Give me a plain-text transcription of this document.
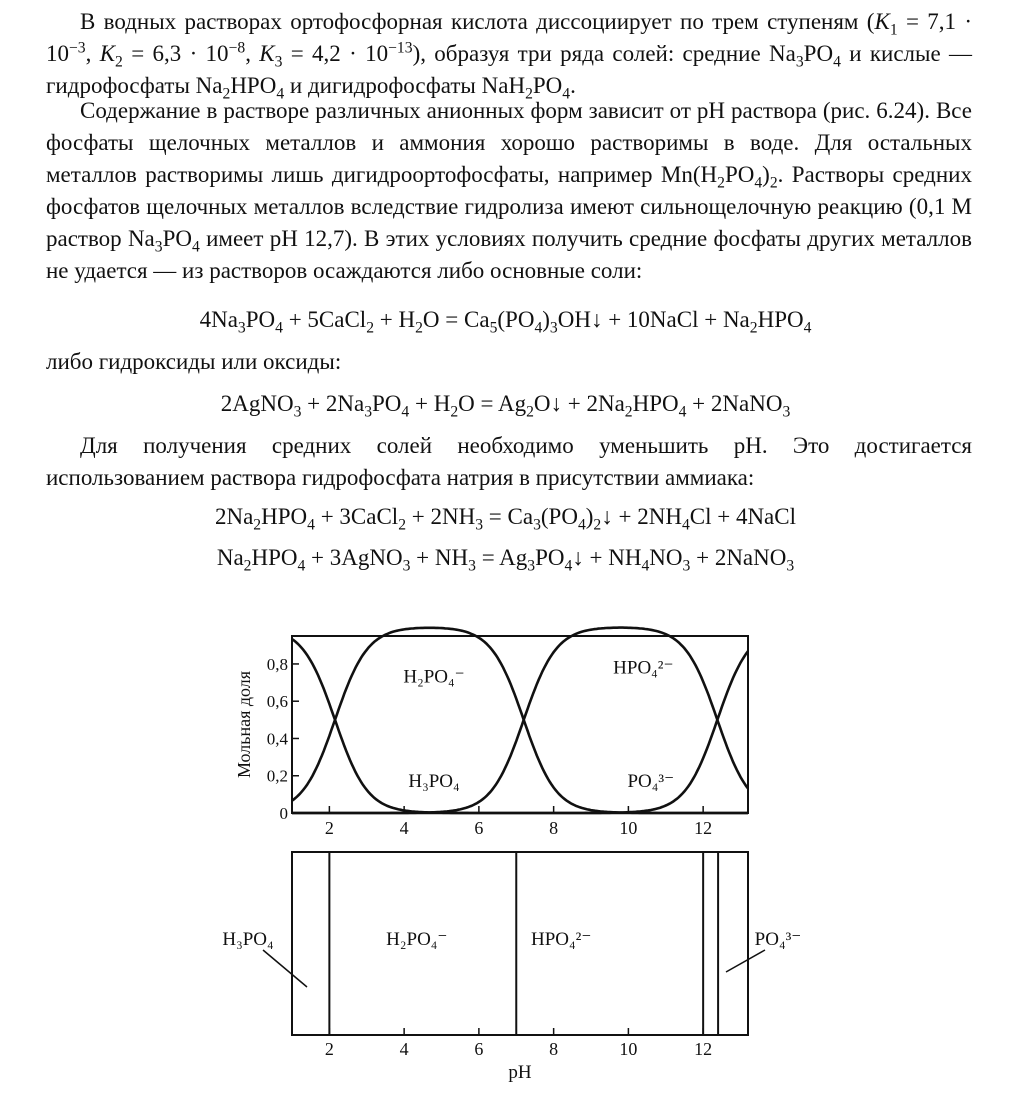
В водных растворах ортофосфорная кислота диссоциирует по трем ступеням ($K_1 = 7,1 \cdot 10^{-3}$, $K_2 = 6,3 \cdot 10^{-8}$, $K_3 = 4,2 \cdot 10^{-13}$), образуя три ряда солей: средние $Na_3PO_4$ и кислые — гидрофосфаты $Na_2HPO_4$ и дигидрофосфаты $NaH_2PO_4$.

Содержание в растворе различных анионных форм зависит от pH раствора (рис. 6.24). Все фосфаты щелочных металлов и аммония хорошо растворимы в воде. Для остальных металлов растворимы лишь дигидроортофосфаты, например $Mn(H_2PO_4)_2$. Растворы средних фосфатов щелочных металлов вследствие гидролиза имеют сильнощелочную реакцию (0,1 М раствор $Na_3PO_4$ имеет pH 12,7). В этих условиях получить средние фосфаты других металлов не удается — из растворов осаждаются либо основные соли:

$4Na_3PO_4$ + 5CaCl$_2$ + $H_2O$ = $Ca_5(PO_4)_3OH↓$ + 10NaCl + $Na_2HPO_4$

либо гидроксиды или оксиды:

2AgNO$_3$ + $2Na_3PO_4 + H_2O$ = $Ag_2O↓ + 2Na_2HPO_4$ + 2NaNO$_3$

Для получения средних солей необходимо уменьшить pH. Это достигается использованием раствора гидрофосфата натрия в присутствии аммиака:

$2Na_2HPO_4$ + 3CaCl$_2$ + $2NH_3$ = $Ca_3(PO_4)_2↓ + 2NH_4Cl$ + 4NaCl
$Na_2HPO_4$ + 3AgNO$_3$ + $NH_3$ = $Ag_3PO_4↓ + NH_4NO_3$ + 2NaNO$_3$
H₃PO₄
H₂PO₄⁻	HPO₄²⁻
PO₄³⁻
0
0,2
0,4
0,6
0,8
Мольная доля
2	4	6	8	10	12
2	4	6	8	10	12
pH
H₃PO₄	H₂PO₄⁻	HPO₄²⁻	PO₄³⁻
